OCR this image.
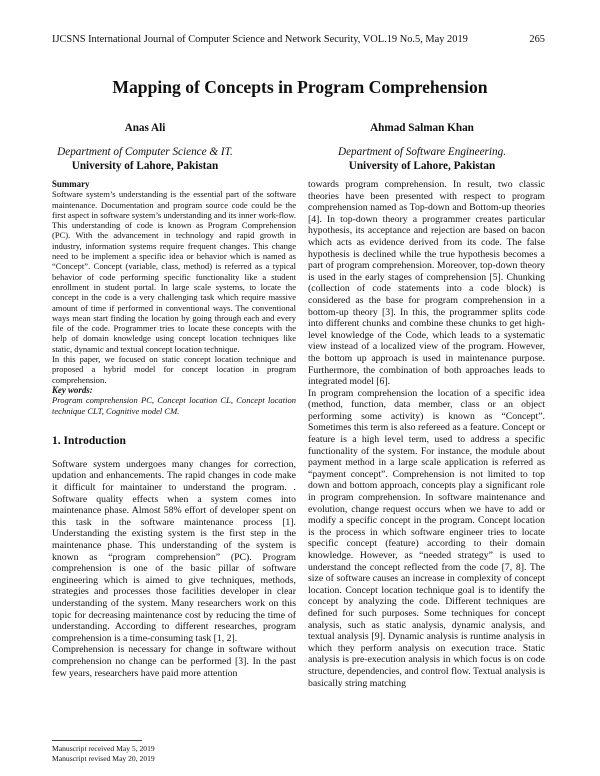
IJCSNS International Journal of Computer Science and Network Security, VOL.19 No.5, May 2019	265
Mapping of Concepts in Program Comprehension
Anas Ali
Department of Computer Science & IT.
University of Lahore, Pakistan
Ahmad Salman Khan
Department of Software Engineering.
University of Lahore, Pakistan

Summary

Software system’s understanding is the essential part of the software maintenance. Documentation and program source code could be the first aspect in software system’s understanding and its inner work-flow. This understanding of code is known as Program Comprehension (PC). With the advancement in technology and rapid growth in industry, information systems require frequent changes. This change need to be implement a specific idea or behavior which is named as “Concept”. Concept (variable, class, method) is referred as a typical behavior of code performing specific functionality like a student enrollment in student portal. In large scale systems, to locate the concept in the code is a very challenging task which require massive amount of time if performed in conventional ways. The conventional ways mean start finding the location by going through each and every file of the code. Programmer tries to locate these concepts with the help of domain knowledge using concept location techniques like static, dynamic and textual concept location technique.

In this paper, we focused on static concept location technique and proposed a hybrid model for concept location in program comprehension.

Key words:

Program comprehension PC, Concept location CL, Concept location technique CLT, Cognitive model CM.

1. Introduction

Software system undergoes many changes for correction, updation and enhancements. The rapid changes in code make it difficult for maintainer to understand the program. . Software quality effects when a system comes into maintenance phase. Almost 58% effort of developer spent on this task in the software maintenance process [1]. Understanding the existing system is the first step in the maintenance phase. This understanding of the system is known as “program comprehension” (PC). Program comprehension is one of the basic pillar of software engineering which is aimed to give techniques, methods, strategies and processes those facilities developer in clear understanding of the system. Many researchers work on this topic for decreasing maintenance cost by reducing the time of understanding. According to different researches, program comprehension is a time-consuming task [1, 2].

Comprehension is necessary for change in software without comprehension no change can be performed [3]. In the past few years, researchers have paid more attention

towards program comprehension. In result, two classic theories have been presented with respect to program comprehension named as Top-down and Bottom-up theories [4]. In top-down theory a programmer creates particular hypothesis, its acceptance and rejection are based on bacon which acts as evidence derived from its code. The false hypothesis is declined while the true hypothesis becomes a part of program comprehension. Moreover, top-down theory is used in the early stages of comprehension [5]. Chunking (collection of code statements into a code block) is considered as the base for program comprehension in a bottom-up theory [3]. In this, the programmer splits code into different chunks and combine these chunks to get high-level knowledge of the Code, which leads to a systematic view instead of a localized view of the program. However, the bottom up approach is used in maintenance purpose. Furthermore, the combination of both approaches leads to integrated model [6].

In program comprehension the location of a specific idea (method, function, data member, class or an object performing some activity) is known as “Concept”. Sometimes this term is also refereed as a feature. Concept or feature is a high level term, used to address a specific functionality of the system. For instance, the module about payment method in a large scale application is referred as “payment concept”. Comprehension is not limited to top down and bottom approach, concepts play a significant role in program comprehension. In software maintenance and evolution, change request occurs when we have to add or modify a specific concept in the program. Concept location is the process in which software engineer tries to locate specific concept (feature) according to their domain knowledge. However, as “needed strategy” is used to understand the concept reflected from the code [7, 8]. The size of software causes an increase in complexity of concept location. Concept location technique goal is to identify the concept by analyzing the code. Different techniques are defined for such purposes. Some techniques for concept analysis, such as static analysis, dynamic analysis, and textual analysis [9]. Dynamic analysis is runtime analysis in which they perform analysis on execution trace. Static analysis is pre-execution analysis in which focus is on code structure, dependencies, and control flow. Textual analysis is basically string matching

Manuscript received May 5, 2019
Manuscript revised May 20, 2019
